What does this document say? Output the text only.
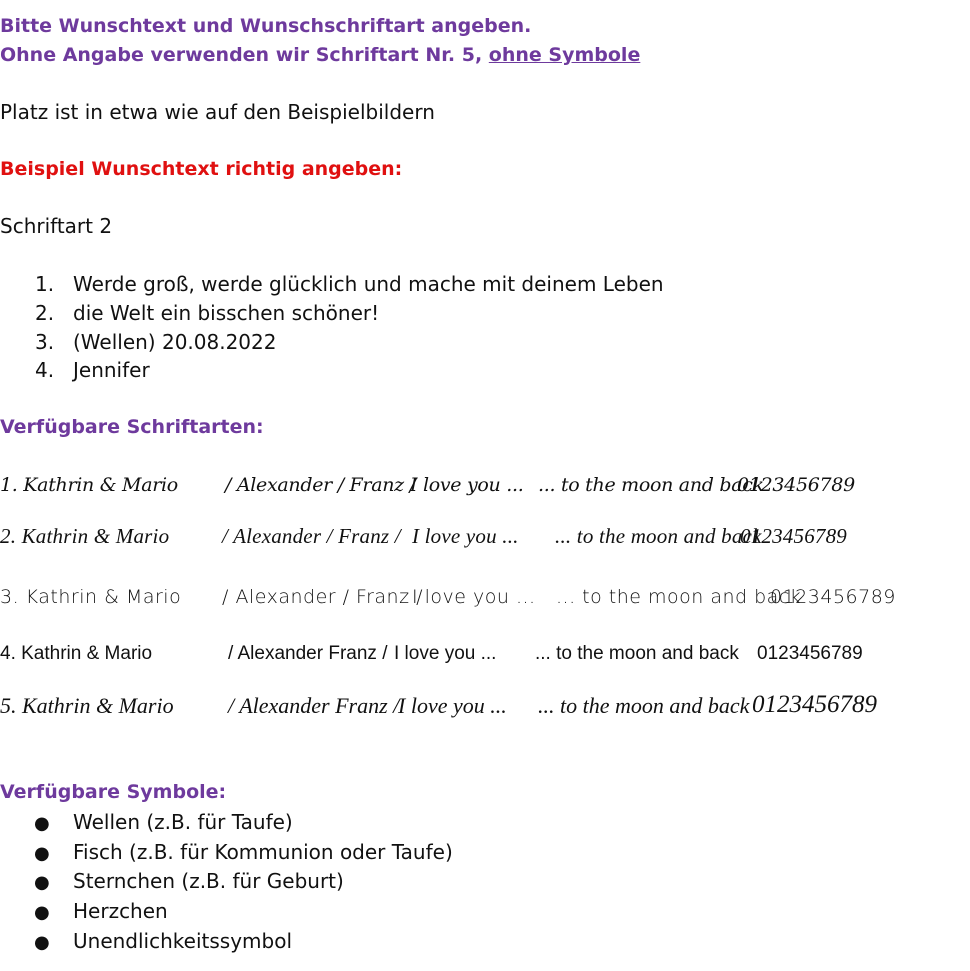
Bitte Wunschtext und Wunschschriftart angeben.
Ohne Angabe verwenden wir Schriftart Nr. 5, ohne Symbole
Platz ist in etwa wie auf den Beispielbildern
Beispiel Wunschtext richtig angeben:
Schriftart 2
1. Werde groß, werde glücklich und mache mit deinem Leben
2. die Welt ein bisschen schöner!
3. (Wellen) 20.08.2022
4. Jennifer
Verfügbare Schriftarten:
1. Kathrin & Mario / Alexander / Franz /
I love you ... ... to the moon and back
0123456789
2. Kathrin & Mario	/ Alexander / Franz / I love you ... ... to the moon and back
0123456789
3. Kathrin & Mario / Alexander / Franz /
I love you ... ... to the moon and back
0123456789
4. Kathrin & Mario	/ Alexander Franz / I love you ... ... to the moon and back 0123456789
5. Kathrin & Mario / Alexander Franz /
I love you ... ... to the moon and back 0123456789
Verfügbare Symbole:
● Wellen (z.B. für Taufe)
● Fisch (z.B. für Kommunion oder Taufe)
● Sternchen (z.B. für Geburt)
● Herzchen
● Unendlichkeitssymbol
